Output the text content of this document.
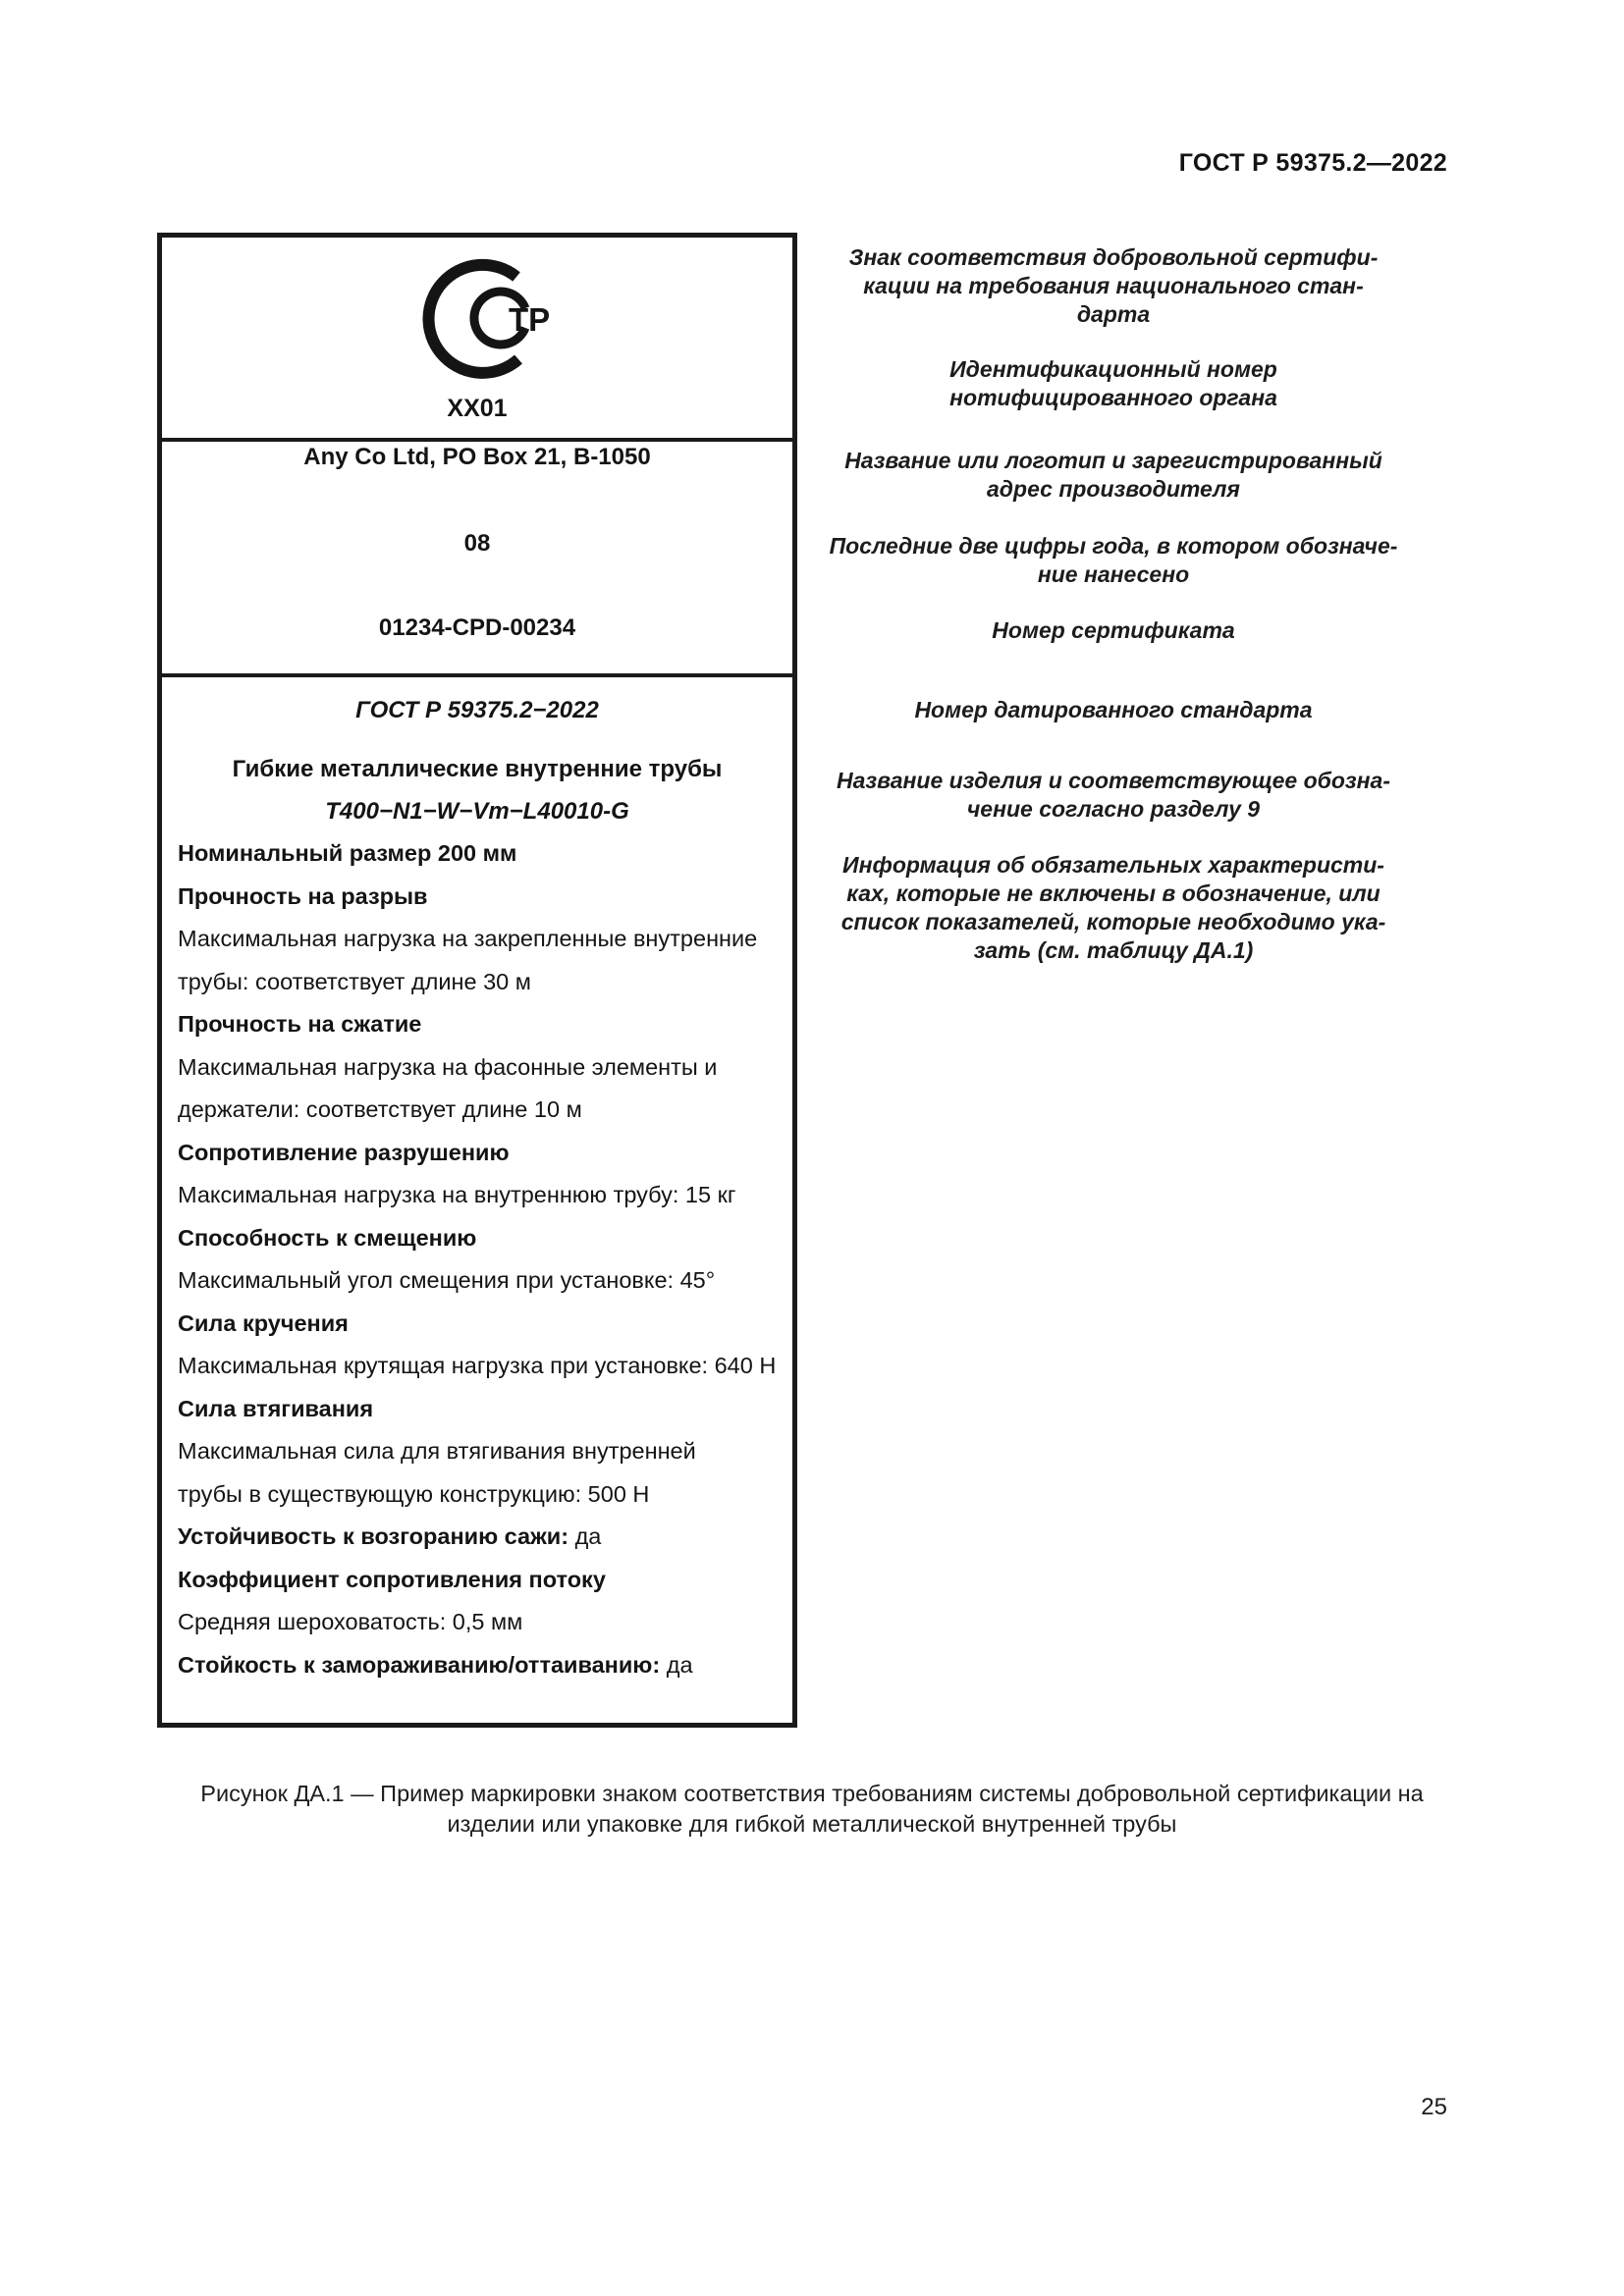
ГОСТ Р 59375.2—2022
ТР
XX01
Any Co Ltd, PO Box 21, B-1050
08
01234-CPD-00234
ГОСТ Р 59375.2−2022
Гибкие металлические внутренние трубы
T400−N1−W−Vm−L40010-G
Номинальный размер 200 мм
Прочность на разрыв
Максимальная нагрузка на закрепленные внутренние
трубы: соответствует длине 30 м
Прочность на сжатие
Максимальная нагрузка на фасонные элементы и
держатели: соответствует длине 10 м
Сопротивление разрушению
Максимальная нагрузка на внутреннюю трубу: 15 кг
Способность к смещению
Максимальный угол смещения при установке: 45°
Сила кручения
Максимальная крутящая нагрузка при установке: 640 Н
Сила втягивания
Максимальная сила для втягивания внутренней
трубы в существующую конструкцию: 500 Н
Устойчивость к возгоранию сажи: да
Коэффициент сопротивления потоку
Средняя шероховатость: 0,5 мм
Стойкость к замораживанию/оттаиванию: да
Знак соответствия добровольной сертифи-
кации на требования национального стан-
дарта
Идентификационный номер
нотифицированного органа
Название или логотип и зарегистрированный
адрес производителя
Последние две цифры года, в котором обозначе-
ние нанесено
Номер сертификата
Номер датированного стандарта
Название изделия и соответствующее обозна-
чение согласно разделу 9
Информация об обязательных характеристи-
ках, которые не включены в обозначение, или
список показателей, которые необходимо ука-
зать (см. таблицу ДА.1)
Рисунок ДА.1 — Пример маркировки знаком соответствия требованиям системы добровольной сертификации на
изделии или упаковке для гибкой металлической внутренней трубы
25
